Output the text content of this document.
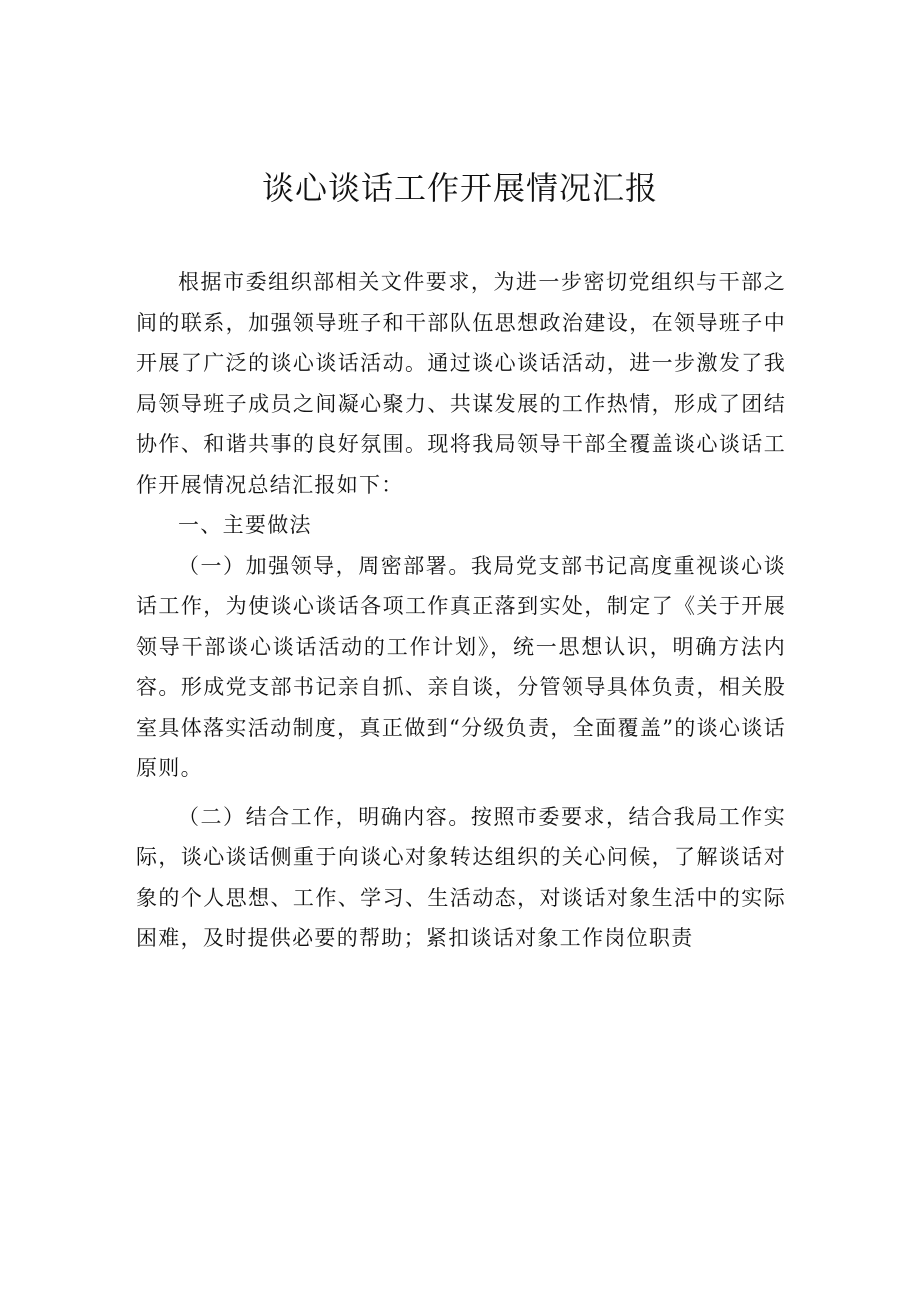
谈心谈话工作开展情况汇报

根据市委组织部相关文件要求，为进一步密切党组织与干部之间的联系，加强领导班子和干部队伍思想政治建设，在领导班子中开展了广泛的谈心谈话活动。通过谈心谈话活动，进一步激发了我局领导班子成员之间凝心聚力、共谋发展的工作热情，形成了团结协作、和谐共事的良好氛围。现将我局领导干部全覆盖谈心谈话工作开展情况总结汇报如下：

一、主要做法

（一）加强领导，周密部署。我局党支部书记高度重视谈心谈话工作，为使谈心谈话各项工作真正落到实处，制定了《关于开展领导干部谈心谈话活动的工作计划》，统一思想认识，明确方法内容。形成党支部书记亲自抓、亲自谈，分管领导具体负责，相关股室具体落实活动制度，真正做到“分级负责，全面覆盖”的谈心谈话原则。

（二）结合工作，明确内容。按照市委要求，结合我局工作实际，谈心谈话侧重于向谈心对象转达组织的关心问候，了解谈话对象的个人思想、工作、学习、生活动态，对谈话对象生活中的实际困难，及时提供必要的帮助；紧扣谈话对象工作岗位职责
